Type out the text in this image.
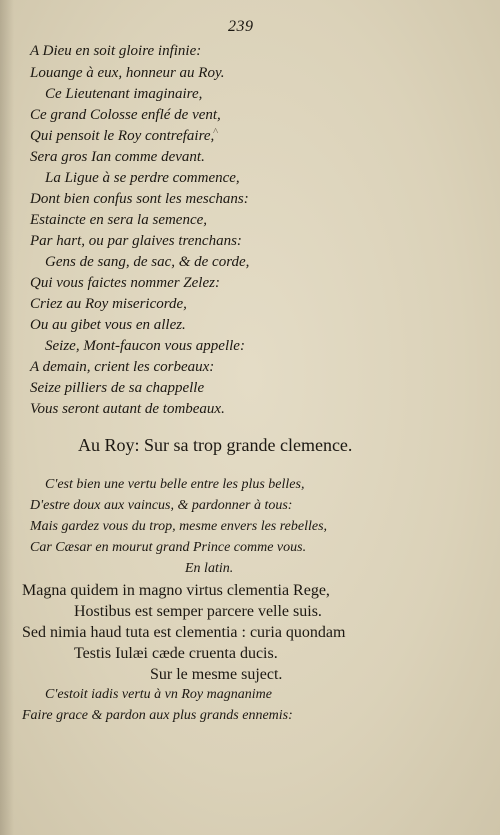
239
^
A Dieu en soit gloire infinie:
Louange à eux, honneur au Roy.
Ce Lieutenant imaginaire,
Ce grand Colosse enflé de vent,
Qui pensoit le Roy contrefaire,
Sera gros Ian comme devant.
La Ligue à se perdre commence,
Dont bien confus sont les meschans:
Estaincte en sera la semence,
Par hart, ou par glaives trenchans:
Gens de sang, de sac, & de corde,
Qui vous faictes nommer Zelez:
Criez au Roy misericorde,
Ou au gibet vous en allez.
Seize, Mont-faucon vous appelle:
A demain, crient les corbeaux:
Seize pilliers de sa chappelle
Vous seront autant de tombeaux.
Au Roy: Sur sa trop grande clemence.
C'est bien une vertu belle entre les plus belles,
D'estre doux aux vaincus, & pardonner à tous:
Mais gardez vous du trop, mesme envers les rebelles,
Car Cæsar en mourut grand Prince comme vous.
En latin.
Magna quidem in magno virtus clementia Rege,
Hostibus est semper parcere velle suis.
Sed nimia haud tuta est clementia : curia quondam
Testis Iulæi cæde cruenta ducis.
Sur le mesme suject.
C'estoit iadis vertu à vn Roy magnanime
Faire grace & pardon aux plus grands ennemis:
